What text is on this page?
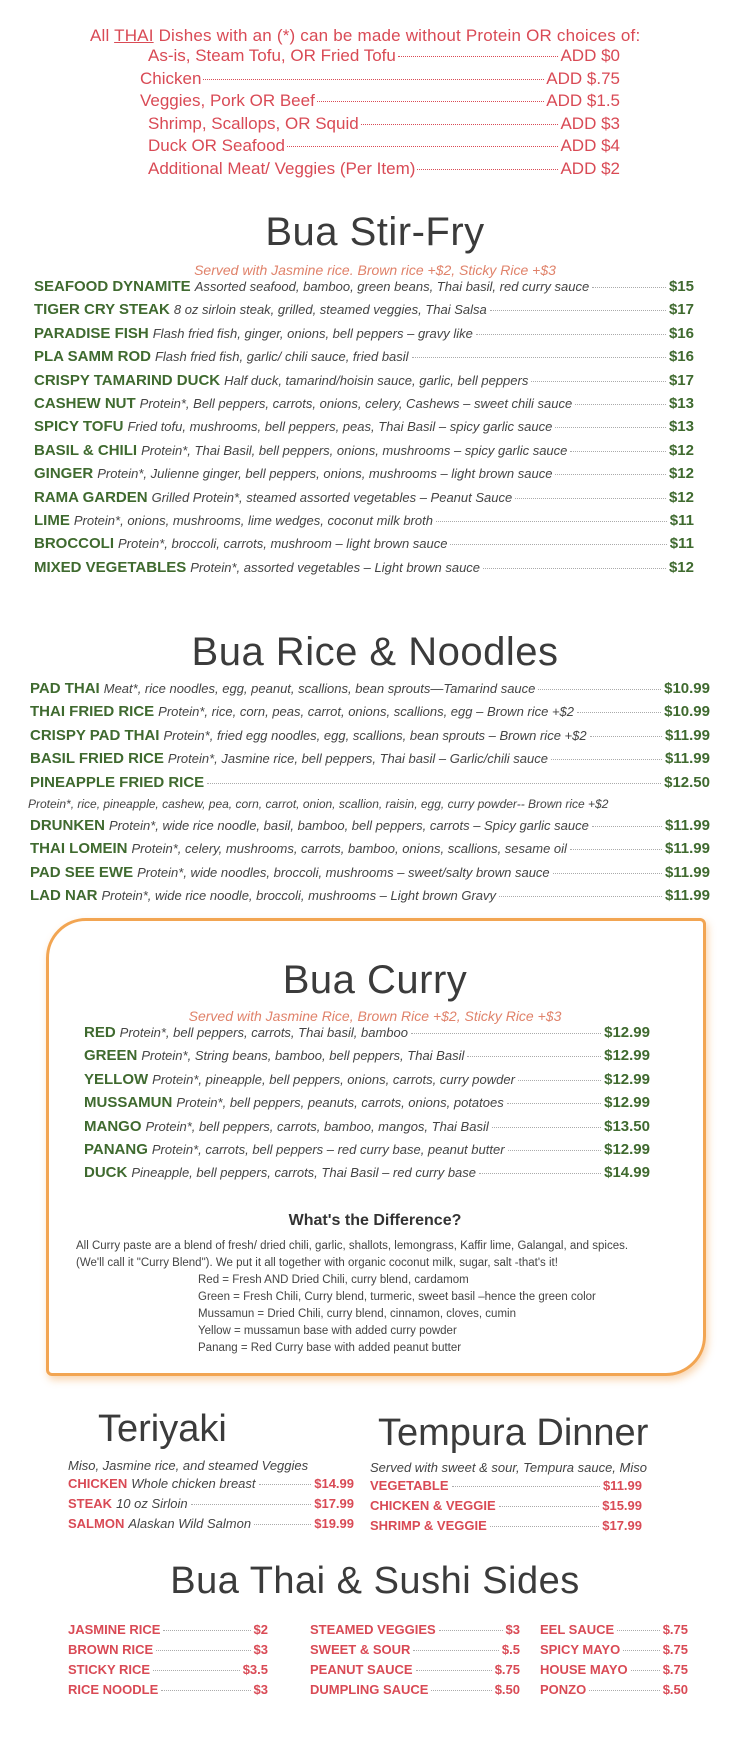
All THAI Dishes with an (*) can be made without Protein OR choices of:
As-is, Steam Tofu, OR Fried Tofu	ADD $0
Chicken	ADD $.75
Veggies, Pork OR Beef	ADD $1.5
Shrimp, Scallops, OR Squid	ADD $3
Duck OR Seafood	ADD $4
Additional Meat/ Veggies (Per Item)	ADD $2
Bua Stir-Fry
Served with Jasmine rice. Brown rice +$2, Sticky Rice +$3
SEAFOOD DYNAMITE Assorted seafood, bamboo, green beans, Thai basil, red curry sauce	$15
TIGER CRY STEAK 8 oz sirloin steak, grilled, steamed veggies, Thai Salsa	$17
PARADISE FISH Flash fried fish, ginger, onions, bell peppers – gravy like	$16
PLA SAMM ROD Flash fried fish, garlic/ chili sauce, fried basil	$16
CRISPY TAMARIND DUCK Half duck, tamarind/hoisin sauce, garlic, bell peppers	$17
CASHEW NUT Protein*, Bell peppers, carrots, onions, celery, Cashews – sweet chili sauce	$13
SPICY TOFU Fried tofu, mushrooms, bell peppers, peas, Thai Basil – spicy garlic sauce	$13
BASIL & CHILI Protein*, Thai Basil, bell peppers, onions, mushrooms – spicy garlic sauce	$12
GINGER Protein*, Julienne ginger, bell peppers, onions, mushrooms – light brown sauce	$12
RAMA GARDEN Grilled Protein*, steamed assorted vegetables – Peanut Sauce	$12
LIME Protein*, onions, mushrooms, lime wedges, coconut milk broth	$11
BROCCOLI Protein*, broccoli, carrots, mushroom – light brown sauce	$11
MIXED VEGETABLES Protein*, assorted vegetables – Light brown sauce	$12
Bua Rice & Noodles
PAD THAI Meat*, rice noodles, egg, peanut, scallions, bean sprouts—Tamarind sauce	$10.99
THAI FRIED RICE Protein*, rice, corn, peas, carrot, onions, scallions, egg – Brown rice +$2	$10.99
CRISPY PAD THAI Protein*, fried egg noodles, egg, scallions, bean sprouts – Brown rice +$2	$11.99
BASIL FRIED RICE Protein*, Jasmine rice, bell peppers, Thai basil – Garlic/chili sauce	$11.99
PINEAPPLE FRIED RICE	$12.50
Protein*, rice, pineapple, cashew, pea, corn, carrot, onion, scallion, raisin, egg, curry powder-- Brown rice +$2
DRUNKEN Protein*, wide rice noodle, basil, bamboo, bell peppers, carrots – Spicy garlic sauce	$11.99
THAI LOMEIN Protein*, celery, mushrooms, carrots, bamboo, onions, scallions, sesame oil	$11.99
PAD SEE EWE Protein*, wide noodles, broccoli, mushrooms – sweet/salty brown sauce	$11.99
LAD NAR Protein*, wide rice noodle, broccoli, mushrooms – Light brown Gravy	$11.99
Bua Curry
Served with Jasmine Rice, Brown Rice +$2, Sticky Rice +$3
RED Protein*, bell peppers, carrots, Thai basil, bamboo	$12.99
GREEN Protein*, String beans, bamboo, bell peppers, Thai Basil	$12.99
YELLOW Protein*, pineapple, bell peppers, onions, carrots, curry powder	$12.99
MUSSAMUN Protein*, bell peppers, peanuts, carrots, onions, potatoes	$12.99
MANGO Protein*, bell peppers, carrots, bamboo, mangos, Thai Basil	$13.50
PANANG Protein*, carrots, bell peppers – red curry base, peanut butter	$12.99
DUCK Pineapple, bell peppers, carrots, Thai Basil – red curry base	$14.99
What's the Difference?
All Curry paste are a blend of fresh/ dried chili, garlic, shallots, lemongrass, Kaffir lime, Galangal, and spices.
(We'll call it "Curry Blend"). We put it all together with organic coconut milk, sugar, salt -that's it!
Red = Fresh AND Dried Chili, curry blend, cardamom
Green = Fresh Chili, Curry blend, turmeric, sweet basil –hence the green color
Mussamun = Dried Chili, curry blend, cinnamon, cloves, cumin
Yellow = mussamun base with added curry powder
Panang = Red Curry base with added peanut butter
Teriyaki
Miso, Jasmine rice, and steamed Veggies
CHICKEN Whole chicken breast	$14.99
STEAK 10 oz Sirloin	$17.99
SALMON Alaskan Wild Salmon	$19.99
Tempura Dinner
Served with sweet & sour, Tempura sauce, Miso
VEGETABLE	$11.99
CHICKEN & VEGGIE	$15.99
SHRIMP & VEGGIE	$17.99
Bua Thai & Sushi Sides
JASMINE RICE	$2
BROWN RICE	$3
STICKY RICE	$3.5
RICE NOODLE	$3
STEAMED VEGGIES	$3
SWEET & SOUR	$.5
PEANUT SAUCE	$.75
DUMPLING SAUCE	$.50
EEL SAUCE	$.75
SPICY MAYO	$.75
HOUSE MAYO	$.75
PONZO	$.50
